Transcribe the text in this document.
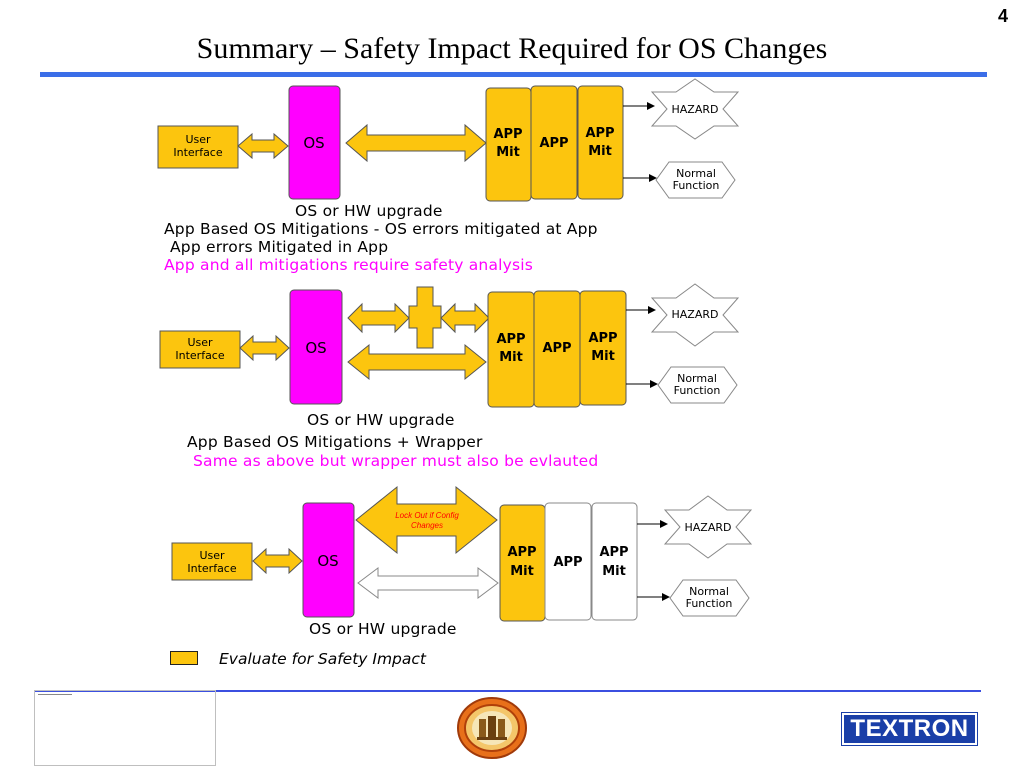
4
Summary – Safety Impact Required for OS Changes
User
Interface
OS	APP
Mit
APP
APP
Mit
HAZARD
Normal
Function
User
Interface	OS	APP
Mit
APP
APP
Mit
HAZARD
Normal
Function
User
Interface	OS
Lock Out if Config
Changes
APP
Mit
APP
APP
Mit
HAZARD
Normal
Function
OS or HW upgrade
App Based OS Mitigations - OS errors mitigated at App
App errors Mitigated in App
App and all mitigations require safety analysis
OS or HW upgrade
App Based OS Mitigations + Wrapper
Same as above but wrapper must also be evlauted
OS or HW upgrade
Evaluate for Safety Impact
TEXTRON
